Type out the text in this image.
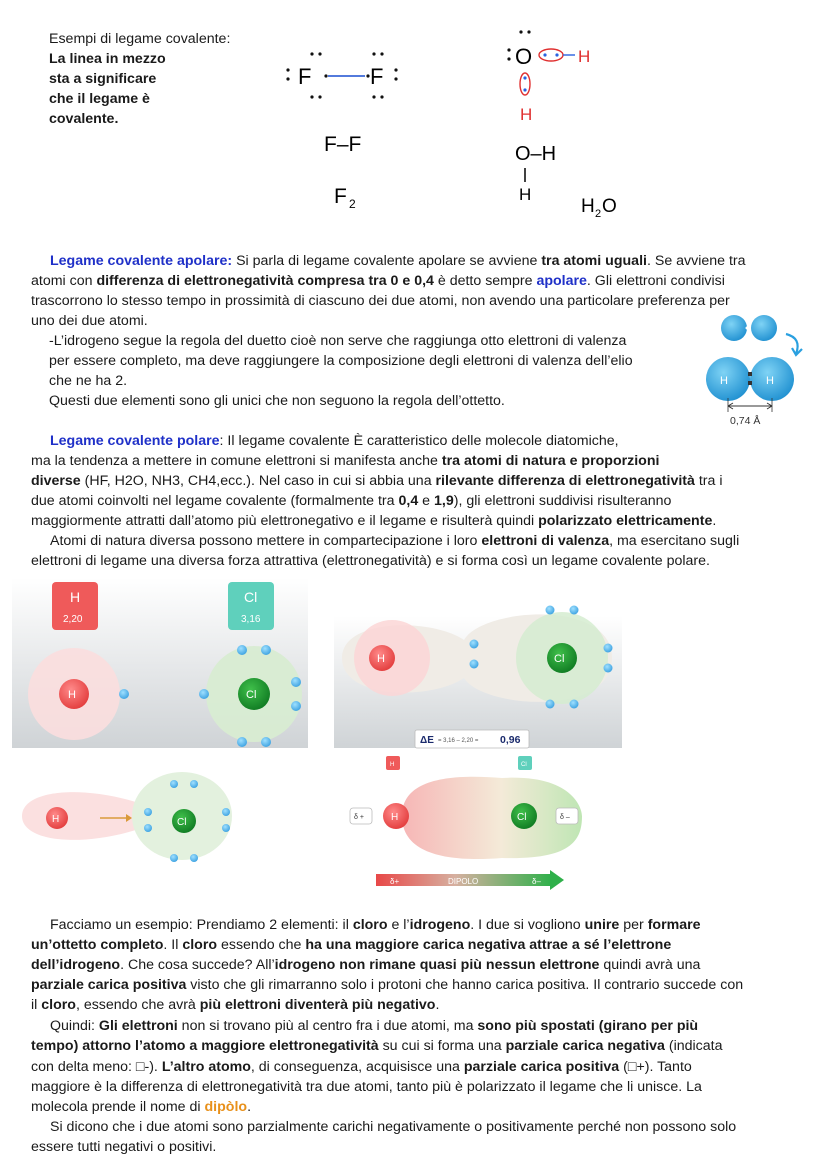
Esempi di legame covalente:
La linea in mezzo
sta a significare
che il legame è
covalente.
F	F
F–F
F 2
O	H
H
O–H
H
H 2 O
Legame covalente apolare: Si parla di legame covalente apolare se avviene tra atomi uguali. Se avviene tra
atomi con differenza di elettronegatività compresa tra 0 e 0,4 è detto sempre apolare. Gli elettroni condivisi
trascorrono lo stesso tempo in prossimità di ciascuno dei due atomi, non avendo una particolare preferenza per
uno dei due atomi.
-L’idrogeno segue la regola del duetto cioè non serve che raggiunga otto elettroni di valenza
per essere completo, ma deve raggiungere la composizione degli elettroni di valenza dell’elio
che ne ha 2.
Questi due elementi sono gli unici che non seguono la regola dell’ottetto.
H	H
0,74 Å
Legame covalente polare: Il legame covalente È caratteristico delle molecole diatomiche,
ma la tendenza a mettere in comune elettroni si manifesta anche tra atomi di natura e proporzioni
diverse (HF, H2O, NH3, CH4,ecc.). Nel caso in cui si abbia una rilevante differenza di elettronegatività tra i
due atomi coinvolti nel legame covalente (formalmente tra 0,4 e 1,9), gli elettroni suddivisi risulteranno
maggiormente attratti dall’atomo più elettronegativo e il legame e risulterà quindi polarizzato elettricamente.
Atomi di natura diversa possono mettere in compartecipazione i loro elettroni di valenza, ma esercitano sugli
elettroni di legame una diversa forza attrattiva (elettronegatività) e si forma così un legame covalente polare.
H
2,20
Cl
3,16
H	Cl
H	Cl
ΔE = 3,16 – 2,20 = 0,96
H	Cl
H	Cl
H	Cl
δ +	δ –
δ+	DIPOLO	δ–
Facciamo un esempio: Prendiamo 2 elementi: il cloro e l’idrogeno. I due si vogliono unire per formare
un’ottetto completo. Il cloro essendo che ha una maggiore carica negativa attrae a sé l’elettrone
dell’idrogeno. Che cosa succede? All’idrogeno non rimane quasi più nessun elettrone quindi avrà una
parziale carica positiva visto che gli rimarranno solo i protoni che hanno carica positiva. Il contrario succede con
il cloro, essendo che avrà più elettroni diventerà più negativo.
Quindi: Gli elettroni non si trovano più al centro fra i due atomi, ma sono più spostati (girano per più
tempo) attorno l’atomo a maggiore elettronegatività su cui si forma una parziale carica negativa (indicata
con delta meno: □-). L’altro atomo, di conseguenza, acquisisce una parziale carica positiva (□+). Tanto
maggiore è la differenza di elettronegatività tra due atomi, tanto più è polarizzato il legame che li unisce. La
molecola prende il nome di dipòlo.
Si dicono che i due atomi sono parzialmente carichi negativamente o positivamente perché non possono solo
essere tutti negativi o positivi.
